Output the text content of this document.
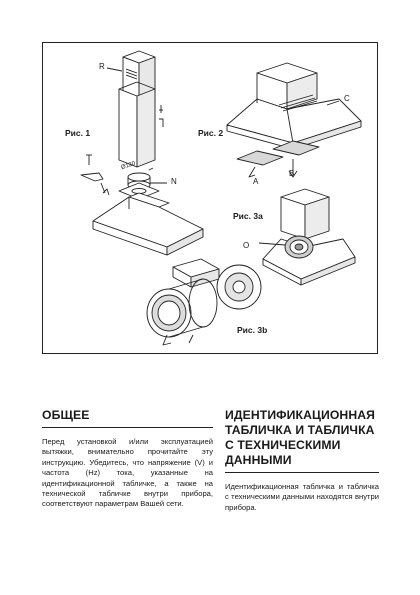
Рис. 1	Рис. 2
Рис. 3a
Рис. 3b
R
C
N	A
B
O
Ø120
ОБЩЕЕ

Перед установкой и/или эксплуатацией вытяжки, внимательно прочитайте эту инструкцию. Убедитесь, что напряжение (V) и частота (Hz) тока, указанные на идентификационной табличке, а также на технической табличке внутри прибора, соответствуют параметрам Вашей сети.

ИДЕНТИФИКАЦИОННАЯ ТАБЛИЧКА И ТАБЛИЧКА С ТЕХНИЧЕСКИМИ ДАННЫМИ

Идентификационная табличка и табличка с техническими данными находятся внутри прибора.
